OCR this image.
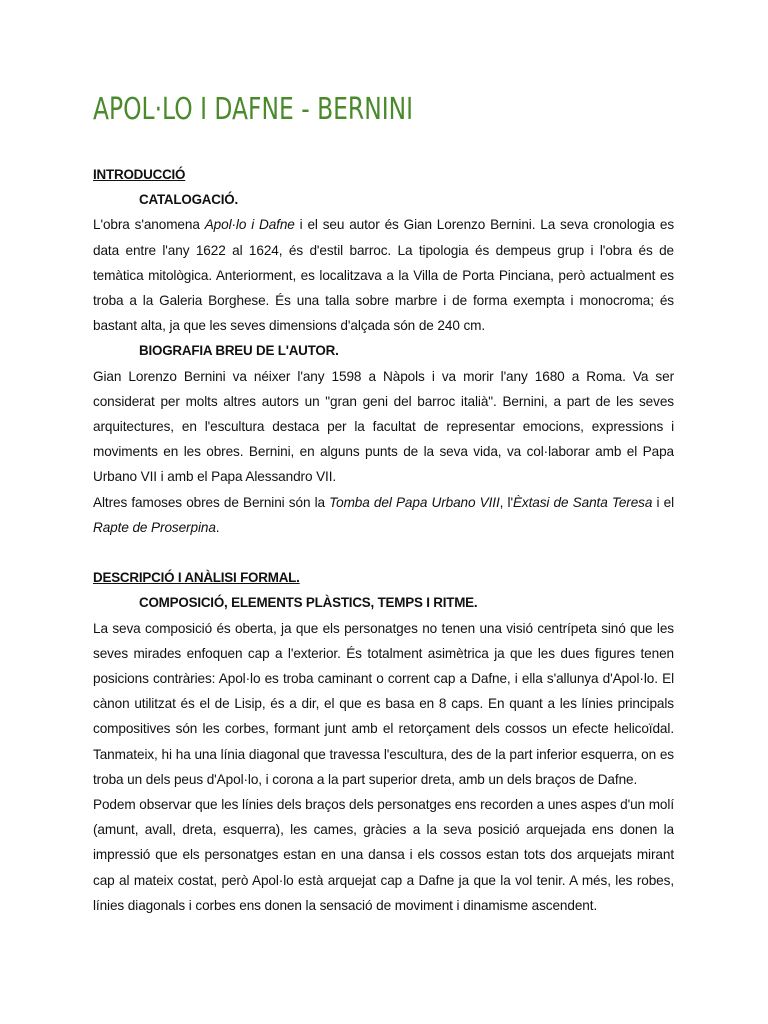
APOL·LO I DAFNE - BERNINI

INTRODUCCIÓ

CATALOGACIÓ.

L'obra s'anomena Apol·lo i Dafne i el seu autor és Gian Lorenzo Bernini. La seva cronologia es data entre l'any 1622 al 1624, és d'estil barroc. La tipologia és dempeus grup i l'obra és de temàtica mitològica. Anteriorment, es localitzava a la Villa de Porta Pinciana, però actualment es troba a la Galeria Borghese. És una talla sobre marbre i de forma exempta i monocroma; és bastant alta, ja que les seves dimensions d'alçada són de 240 cm.

BIOGRAFIA BREU DE L'AUTOR.

Gian Lorenzo Bernini va néixer l'any 1598 a Nàpols i va morir l'any 1680 a Roma. Va ser considerat per molts altres autors un "gran geni del barroc italià". Bernini, a part de les seves arquitectures, en l'escultura destaca per la facultat de representar emocions, expressions i moviments en les obres. Bernini, en alguns punts de la seva vida, va col·laborar amb el Papa Urbano VII i amb el Papa Alessandro VII.

Altres famoses obres de Bernini són la Tomba del Papa Urbano VIII, l'Èxtasi de Santa Teresa i el Rapte de Proserpina.

DESCRIPCIÓ I ANÀLISI FORMAL.

COMPOSICIÓ, ELEMENTS PLÀSTICS, TEMPS I RITME.

La seva composició és oberta, ja que els personatges no tenen una visió centrípeta sinó que les seves mirades enfoquen cap a l'exterior. És totalment asimètrica ja que les dues figures tenen posicions contràries: Apol·lo es troba caminant o corrent cap a Dafne, i ella s'allunya d'Apol·lo. El cànon utilitzat és el de Lisip, és a dir, el que es basa en 8 caps. En quant a les línies principals compositives són les corbes, formant junt amb el retorçament dels cossos un efecte helicoïdal. Tanmateix, hi ha una línia diagonal que travessa l'escultura, des de la part inferior esquerra, on es troba un dels peus d'Apol·lo, i corona a la part superior dreta, amb un dels braços de Dafne.

Podem observar que les línies dels braços dels personatges ens recorden a unes aspes d'un molí (amunt, avall, dreta, esquerra), les cames, gràcies a la seva posició arquejada ens donen la impressió que els personatges estan en una dansa i els cossos estan tots dos arquejats mirant cap al mateix costat, però Apol·lo està arquejat cap a Dafne ja que la vol tenir. A més, les robes, línies diagonals i corbes ens donen la sensació de moviment i dinamisme ascendent.
